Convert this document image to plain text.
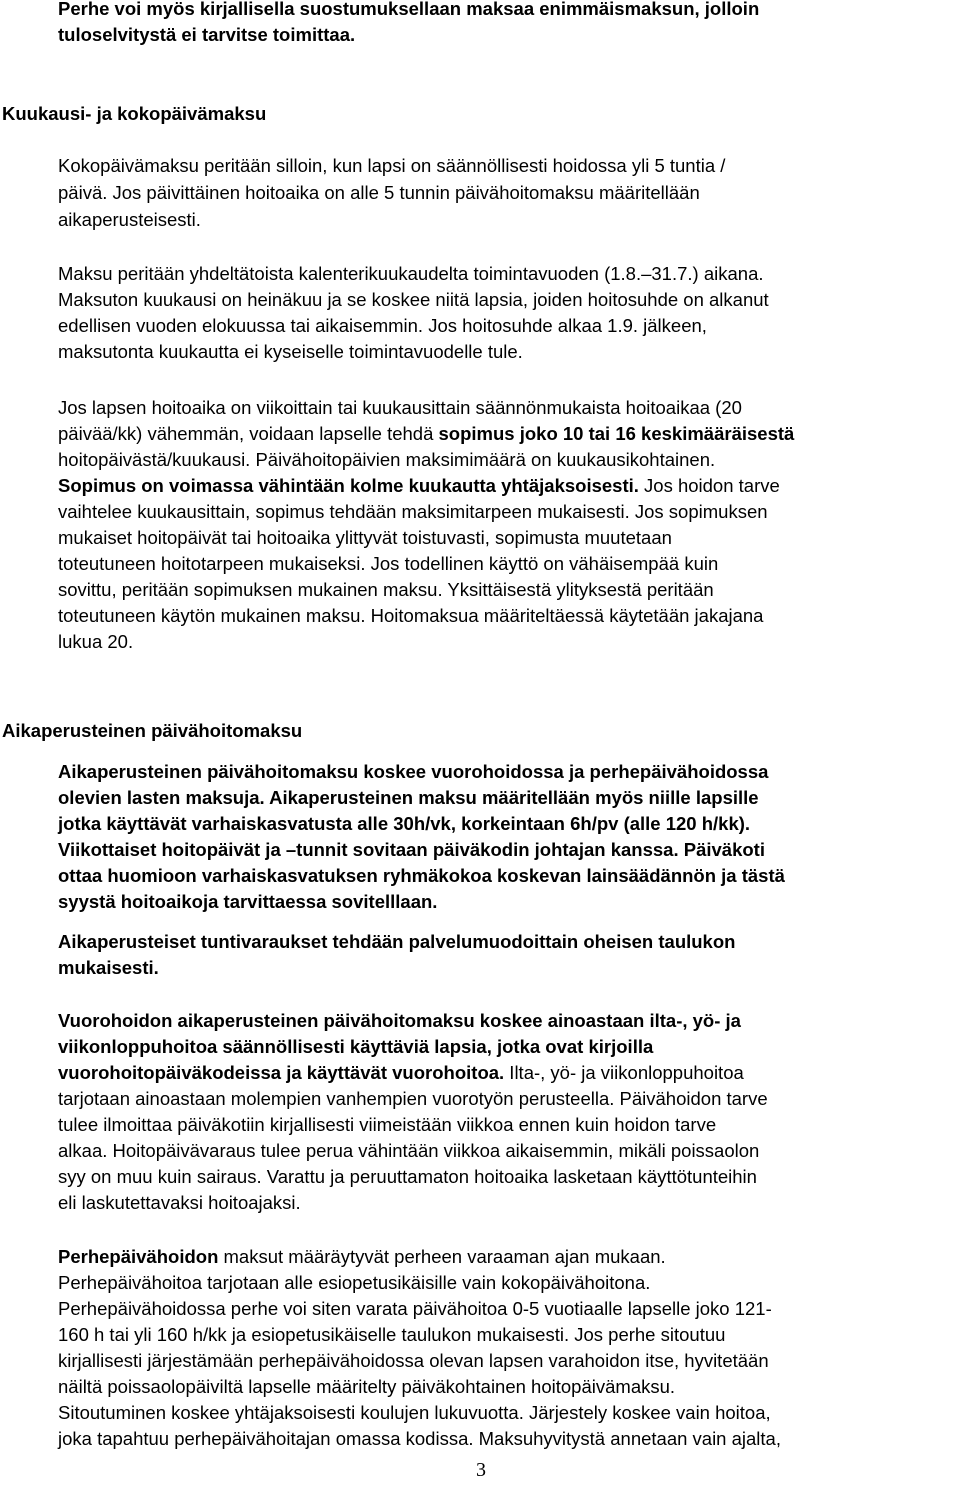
Perhe voi myös kirjallisella suostumuksellaan maksaa enimmäismaksun, jolloin

tuloselvitystä ei tarvitse toimittaa.

Kuukausi- ja kokopäivämaksu

Kokopäivämaksu peritään silloin, kun lapsi on säännöllisesti hoidossa yli 5 tuntia /

päivä. Jos päivittäinen hoitoaika on alle 5 tunnin päivähoitomaksu määritellään

aikaperusteisesti.

Maksu peritään yhdeltätoista kalenterikuukaudelta toimintavuoden (1.8.–31.7.) aikana.

Maksuton kuukausi on heinäkuu ja se koskee niitä lapsia, joiden hoitosuhde on alkanut

edellisen vuoden elokuussa tai aikaisemmin. Jos hoitosuhde alkaa 1.9. jälkeen,

maksutonta kuukautta ei kyseiselle toimintavuodelle tule.

Jos lapsen hoitoaika on viikoittain tai kuukausittain säännönmukaista hoitoaikaa (20

päivää/kk) vähemmän, voidaan lapselle tehdä sopimus joko 10 tai 16 keskimääräisestä

hoitopäivästä/kuukausi. Päivähoitopäivien maksimimäärä on kuukausikohtainen.

Sopimus on voimassa vähintään kolme kuukautta yhtäjaksoisesti. Jos hoidon tarve

vaihtelee kuukausittain, sopimus tehdään maksimitarpeen mukaisesti. Jos sopimuksen

mukaiset hoitopäivät tai hoitoaika ylittyvät toistuvasti, sopimusta muutetaan

toteutuneen hoitotarpeen mukaiseksi. Jos todellinen käyttö on vähäisempää kuin

sovittu, peritään sopimuksen mukainen maksu. Yksittäisestä ylityksestä peritään

toteutuneen käytön mukainen maksu. Hoitomaksua määriteltäessä käytetään jakajana

lukua 20.

Aikaperusteinen päivähoitomaksu

Aikaperusteinen päivähoitomaksu koskee vuorohoidossa ja perhepäivähoidossa

olevien lasten maksuja. Aikaperusteinen maksu määritellään myös niille lapsille

jotka käyttävät varhaiskasvatusta alle 30h/vk, korkeintaan 6h/pv (alle 120 h/kk).

Viikottaiset hoitopäivät ja –tunnit sovitaan päiväkodin johtajan kanssa. Päiväkoti

ottaa huomioon varhaiskasvatuksen ryhmäkokoa koskevan lainsäädännön ja tästä

syystä hoitoaikoja tarvittaessa sovitelllaan.

Aikaperusteiset tuntivaraukset tehdään palvelumuodoittain oheisen taulukon

mukaisesti.

Vuorohoidon aikaperusteinen päivähoitomaksu koskee ainoastaan ilta-, yö- ja

viikonloppuhoitoa säännöllisesti käyttäviä lapsia, jotka ovat kirjoilla

vuorohoitopäiväkodeissa ja käyttävät vuorohoitoa. Ilta-, yö- ja viikonloppuhoitoa

tarjotaan ainoastaan molempien vanhempien vuorotyön perusteella. Päivähoidon tarve

tulee ilmoittaa päiväkotiin kirjallisesti viimeistään viikkoa ennen kuin hoidon tarve

alkaa. Hoitopäivävaraus tulee perua vähintään viikkoa aikaisemmin, mikäli poissaolon

syy on muu kuin sairaus. Varattu ja peruuttamaton hoitoaika lasketaan käyttötunteihin

eli laskutettavaksi hoitoajaksi.

Perhepäivähoidon maksut määräytyvät perheen varaaman ajan mukaan.

Perhepäivähoitoa tarjotaan alle esiopetusikäisille vain kokopäivähoitona.

Perhepäivähoidossa perhe voi siten varata päivähoitoa 0-5 vuotiaalle lapselle joko 121-

160 h tai yli 160 h/kk ja esiopetusikäiselle taulukon mukaisesti. Jos perhe sitoutuu

kirjallisesti järjestämään perhepäivähoidossa olevan lapsen varahoidon itse, hyvitetään

näiltä poissaolopäiviltä lapselle määritelty päiväkohtainen hoitopäivämaksu.

Sitoutuminen koskee yhtäjaksoisesti koulujen lukuvuotta. Järjestely koskee vain hoitoa,

joka tapahtuu perhepäivähoitajan omassa kodissa. Maksuhyvitystä annetaan vain ajalta,

3
